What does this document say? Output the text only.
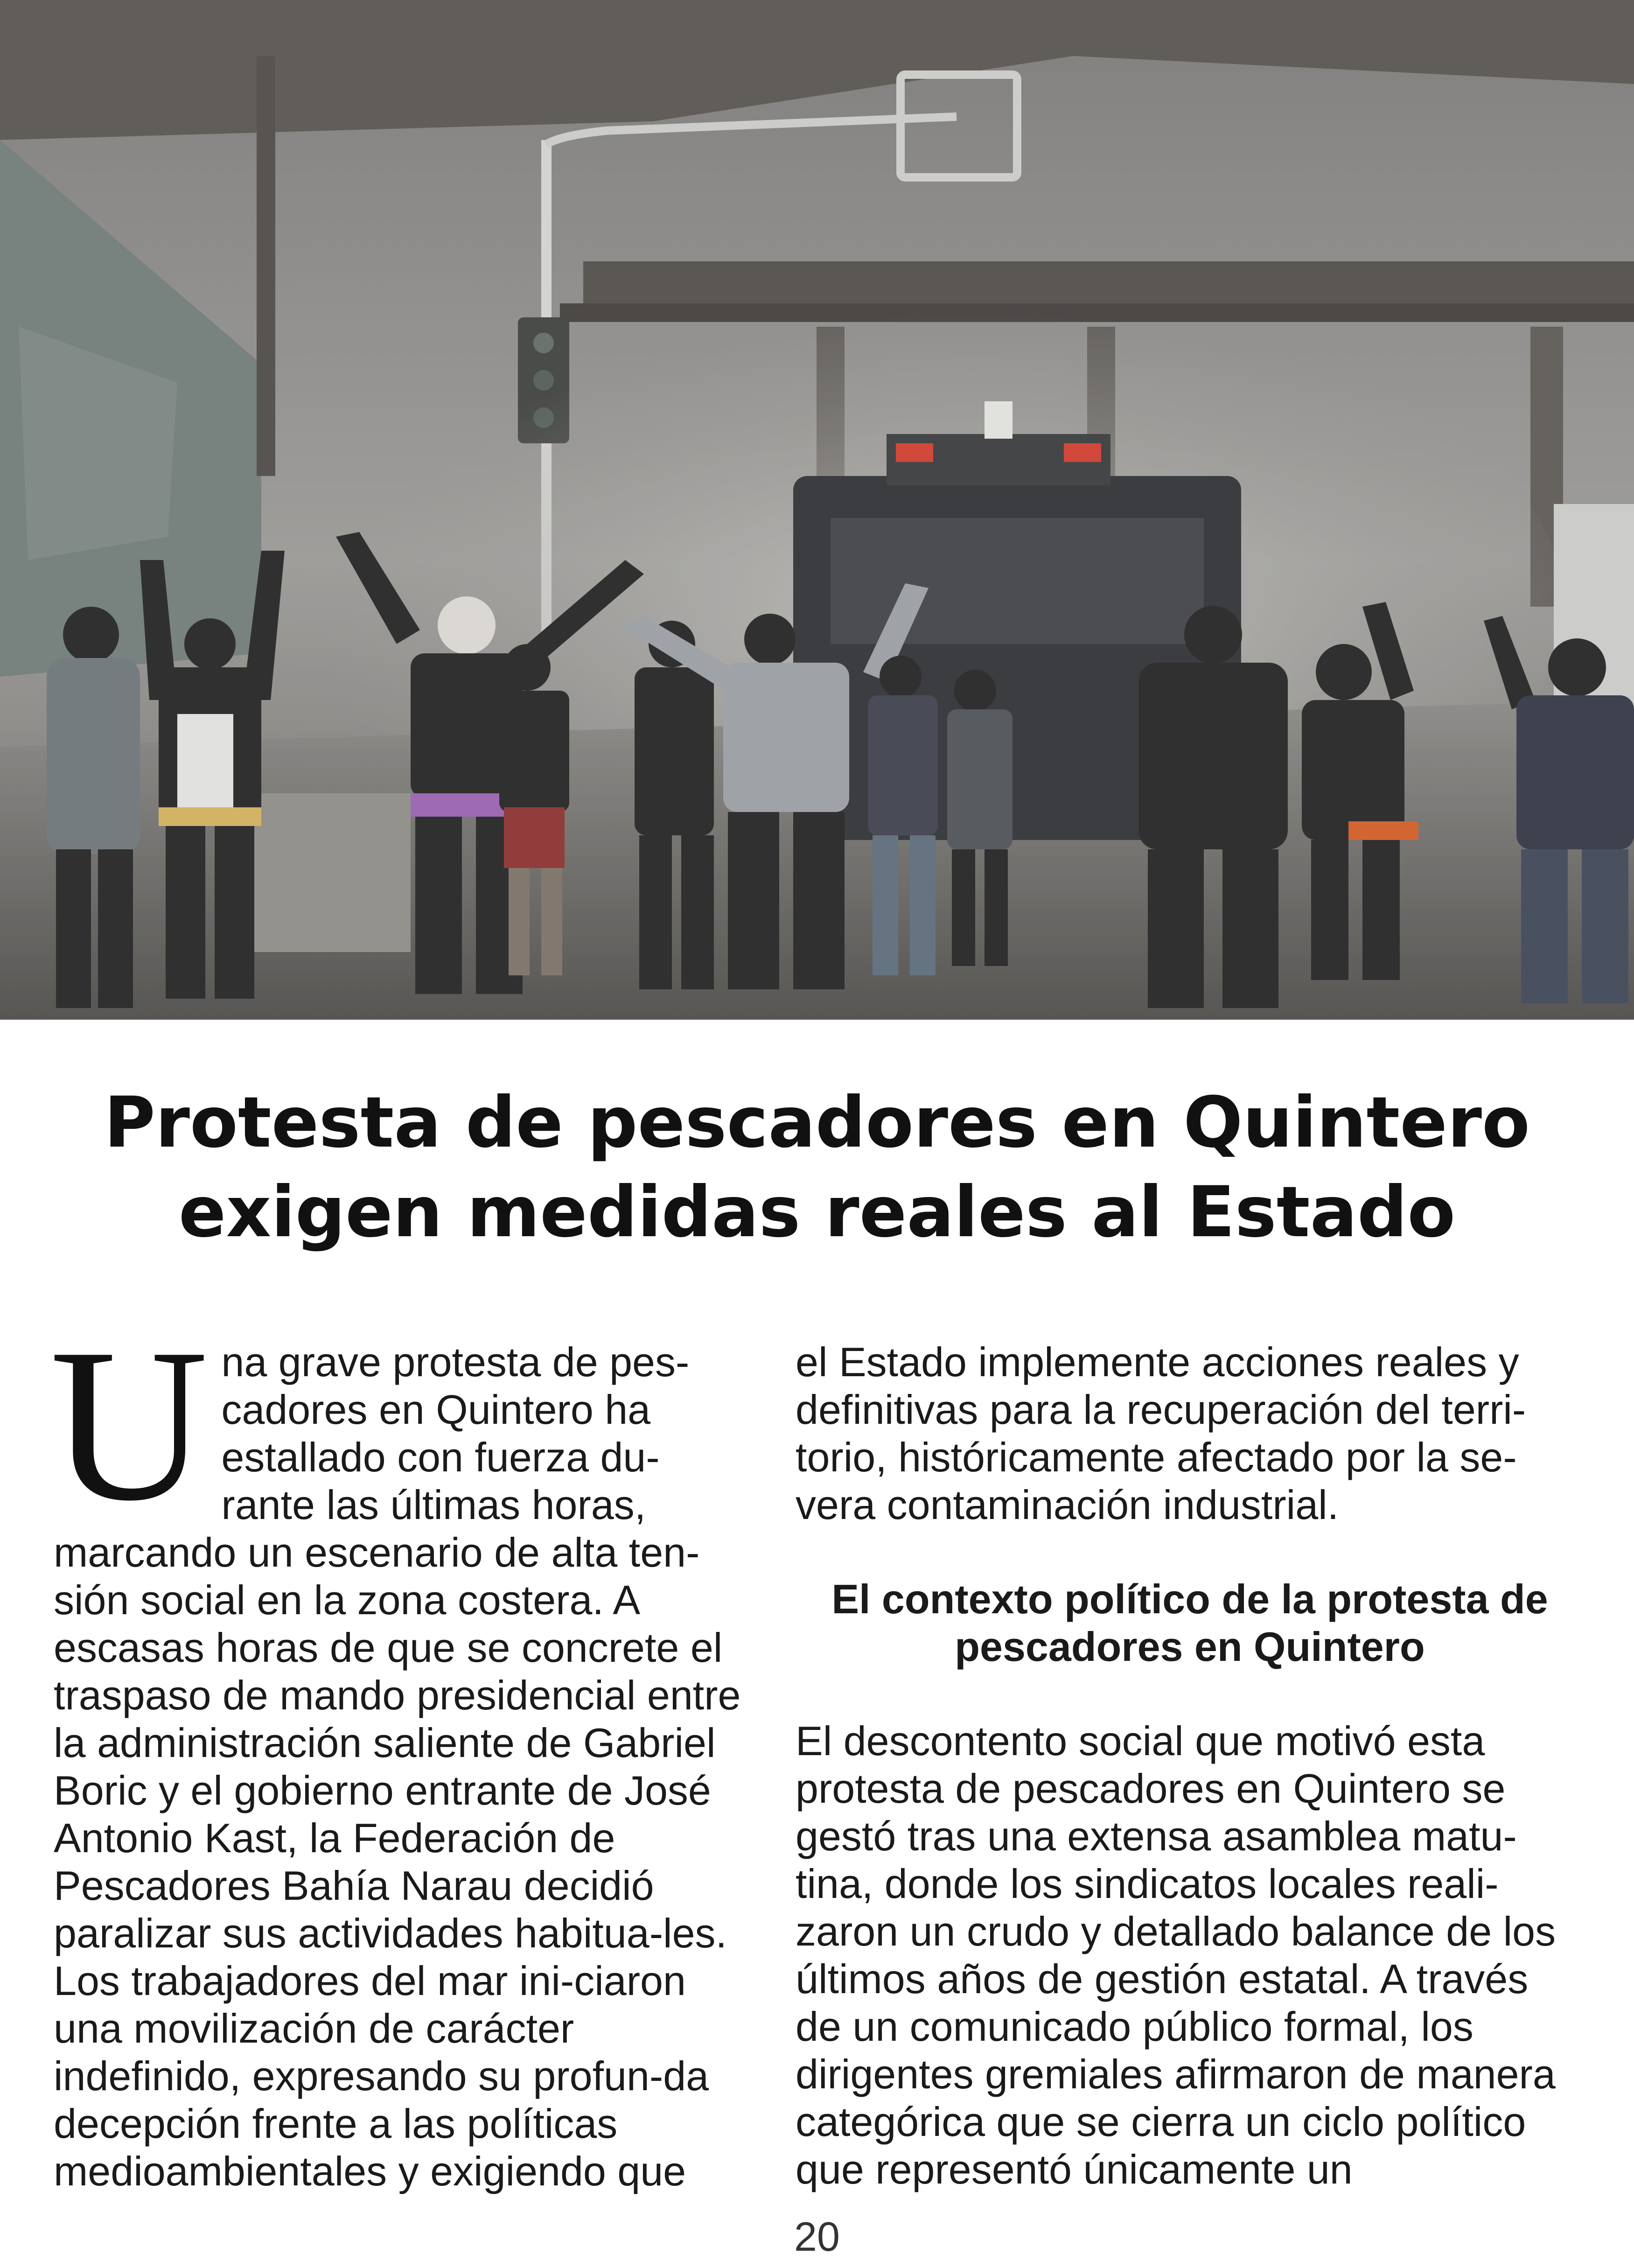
Protesta de pescadores en Quintero
exigen medidas reales al Estado
U na grave protesta de pes-cadores en Quintero ha estallado con fuerza du-rante las últimas horas, marcando un escenario de alta ten-sión social en la zona costera. A escasas horas de que se concrete el traspaso de mando presidencial entre la administración saliente de Gabriel Boric y el gobierno entrante de José Antonio Kast, la Federación de Pescadores Bahía Narau decidió paralizar sus actividades habitua-les. Los trabajadores del mar ini-ciaron una movilización de carácter indefinido, expresando su profun-da decepción frente a las políticas medioambientales y exigiendo que

el Estado implemente acciones reales y definitivas para la recuperación del terri-torio, históricamente afectado por la se-vera contaminación industrial.

El contexto político de la protesta de pescadores en Quintero

El descontento social que motivó esta protesta de pescadores en Quintero se gestó tras una extensa asamblea matu-tina, donde los sindicatos locales reali-zaron un crudo y detallado balance de los últimos años de gestión estatal. A través de un comunicado público formal, los dirigentes gremiales afirmaron de manera categórica que se cierra un ciclo político que representó únicamente un

20
